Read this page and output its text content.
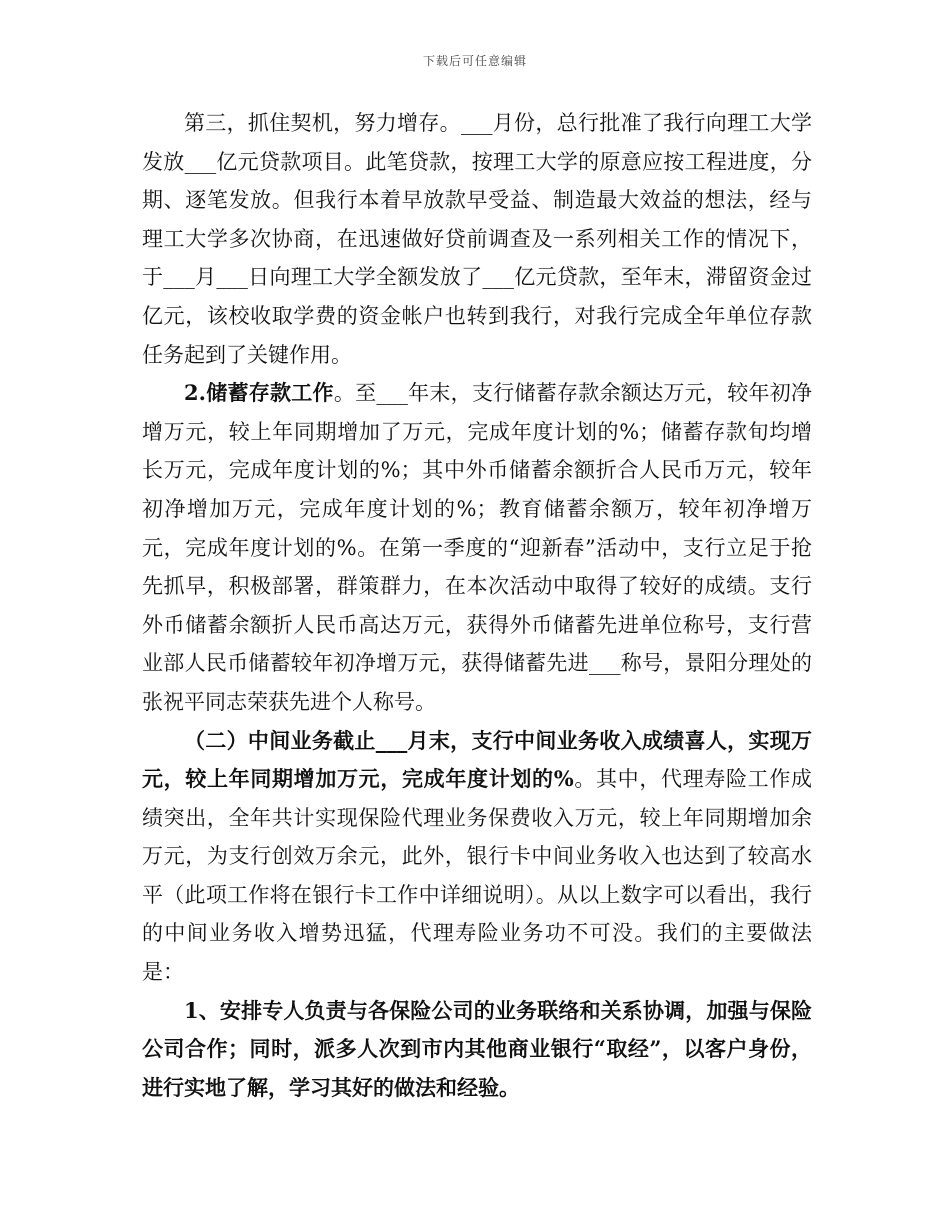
下载后可任意编辑

第三，抓住契机，努力增存。___月份，总行批准了我行向理工大学发放___亿元贷款项目。此笔贷款，按理工大学的原意应按工程进度，分期、逐笔发放。但我行本着早放款早受益、制造最大效益的想法，经与理工大学多次协商，在迅速做好贷前调查及一系列相关工作的情况下，于___月___日向理工大学全额发放了___亿元贷款，至年末，滞留资金过亿元，该校收取学费的资金帐户也转到我行，对我行完成全年单位存款任务起到了关键作用。

2.储蓄存款工作。至___年末，支行储蓄存款余额达万元，较年初净增万元，较上年同期增加了万元，完成年度计划的%；储蓄存款旬均增长万元，完成年度计划的%；其中外币储蓄余额折合人民币万元，较年初净增加万元，完成年度计划的%；教育储蓄余额万，较年初净增万元，完成年度计划的%。在第一季度的“迎新春”活动中，支行立足于抢先抓早，积极部署，群策群力，在本次活动中取得了较好的成绩。支行外币储蓄余额折人民币高达万元，获得外币储蓄先进单位称号，支行营业部人民币储蓄较年初净增万元，获得储蓄先进___称号，景阳分理处的张祝平同志荣获先进个人称号。

（二）中间业务截止___月末，支行中间业务收入成绩喜人，实现万元，较上年同期增加万元，完成年度计划的%。其中，代理寿险工作成绩突出，全年共计实现保险代理业务保费收入万元，较上年同期增加余万元，为支行创效万余元，此外，银行卡中间业务收入也达到了较高水平（此项工作将在银行卡工作中详细说明）。从以上数字可以看出，我行的中间业务收入增势迅猛，代理寿险业务功不可没。我们的主要做法是：

1、安排专人负责与各保险公司的业务联络和关系协调，加强与保险公司合作；同时，派多人次到市内其他商业银行“取经”，以客户身份，进行实地了解，学习其好的做法和经验。
